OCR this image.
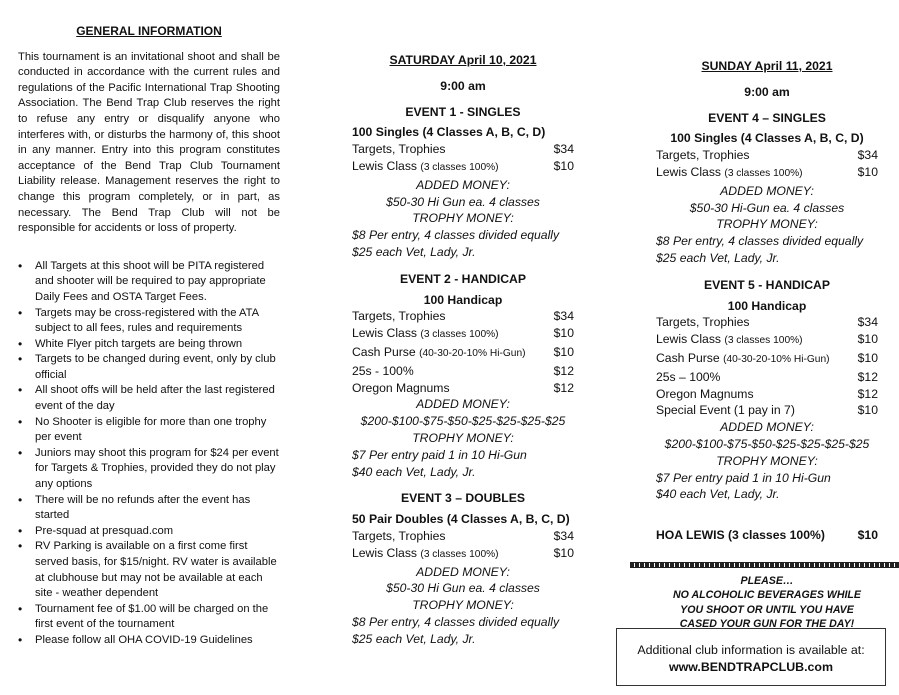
GENERAL INFORMATION

This tournament is an invitational shoot and shall be conducted in accordance with the current rules and regulations of the Pacific International Trap Shooting Association. The Bend Trap Club reserves the right to refuse any entry or disqualify anyone who interferes with, or disturbs the harmony of, this shoot in any manner. Entry into this program constitutes acceptance of the Bend Trap Club Tournament Liability release. Management reserves the right to change this program completely, or in part, as necessary. The Bend Trap Club will not be responsible for accidents or loss of property.

• All Targets at this shoot will be PITA registered and shooter will be required to pay appropriate Daily Fees and OSTA Target Fees.
• Targets may be cross-registered with the ATA subject to all fees, rules and requirements
• White Flyer pitch targets are being thrown
• Targets to be changed during event, only by club official
• All shoot offs will be held after the last registered event of the day
• No Shooter is eligible for more than one trophy per event
• Juniors may shoot this program for $24 per event for Targets & Trophies, provided they do not play any options
• There will be no refunds after the event has started
• Pre-squad at presquad.com
• RV Parking is available on a first come first served basis, for $15/night. RV water is available at clubhouse but may not be available at each site - weather dependent
• Tournament fee of $1.00 will be charged on the first event of the tournament
• Please follow all OHA COVID-19 Guidelines
SATURDAY April 10, 2021
9:00 am
EVENT 1 - SINGLES
100 Singles (4 Classes A, B, C, D)
Targets, Trophies	$34
Lewis Class (3 classes 100%)	$10
ADDED MONEY:
$50-30 Hi Gun ea. 4 classes
TROPHY MONEY:
$8 Per entry, 4 classes divided equally
$25 each Vet, Lady, Jr.
EVENT 2 - HANDICAP
100 Handicap
Targets, Trophies	$34
Lewis Class (3 classes 100%)	$10
Cash Purse (40-30-20-10% Hi-Gun) $10
25s - 100%	$12
Oregon Magnums	$12
ADDED MONEY:
$200-$100-$75-$50-$25-$25-$25-$25
TROPHY MONEY:
$7 Per entry paid 1 in 10 Hi-Gun
$40 each Vet, Lady, Jr.
EVENT 3 – DOUBLES
50 Pair Doubles (4 Classes A, B, C, D)
Targets, Trophies	$34
Lewis Class (3 classes 100%)	$10
ADDED MONEY:
$50-30 Hi Gun ea. 4 classes
TROPHY MONEY:
$8 Per entry, 4 classes divided equally
$25 each Vet, Lady, Jr.
SUNDAY April 11, 2021
9:00 am
EVENT 4 – SINGLES
100 Singles (4 Classes A, B, C, D)
Targets, Trophies	$34
Lewis Class (3 classes 100%)	$10
ADDED MONEY:
$50-30 Hi-Gun ea. 4 classes
TROPHY MONEY:
$8 Per entry, 4 classes divided equally
$25 each Vet, Lady, Jr.
EVENT 5 - HANDICAP
100 Handicap
Targets, Trophies	$34
Lewis Class (3 classes 100%)	$10
Cash Purse (40-30-20-10% Hi-Gun) $10
25s – 100%	$12
Oregon Magnums	$12
Special Event (1 pay in 7)	$10
ADDED MONEY:
$200-$100-$75-$50-$25-$25-$25-$25
TROPHY MONEY:
$7 Per entry paid 1 in 10 Hi-Gun
$40 each Vet, Lady, Jr.
HOA LEWIS (3 classes 100%)	$10
PLEASE…
NO ALCOHOLIC BEVERAGES WHILE
YOU SHOOT OR UNTIL YOU HAVE
CASED YOUR GUN FOR THE DAY!
Additional club information is available at:
www.BENDTRAPCLUB.com
